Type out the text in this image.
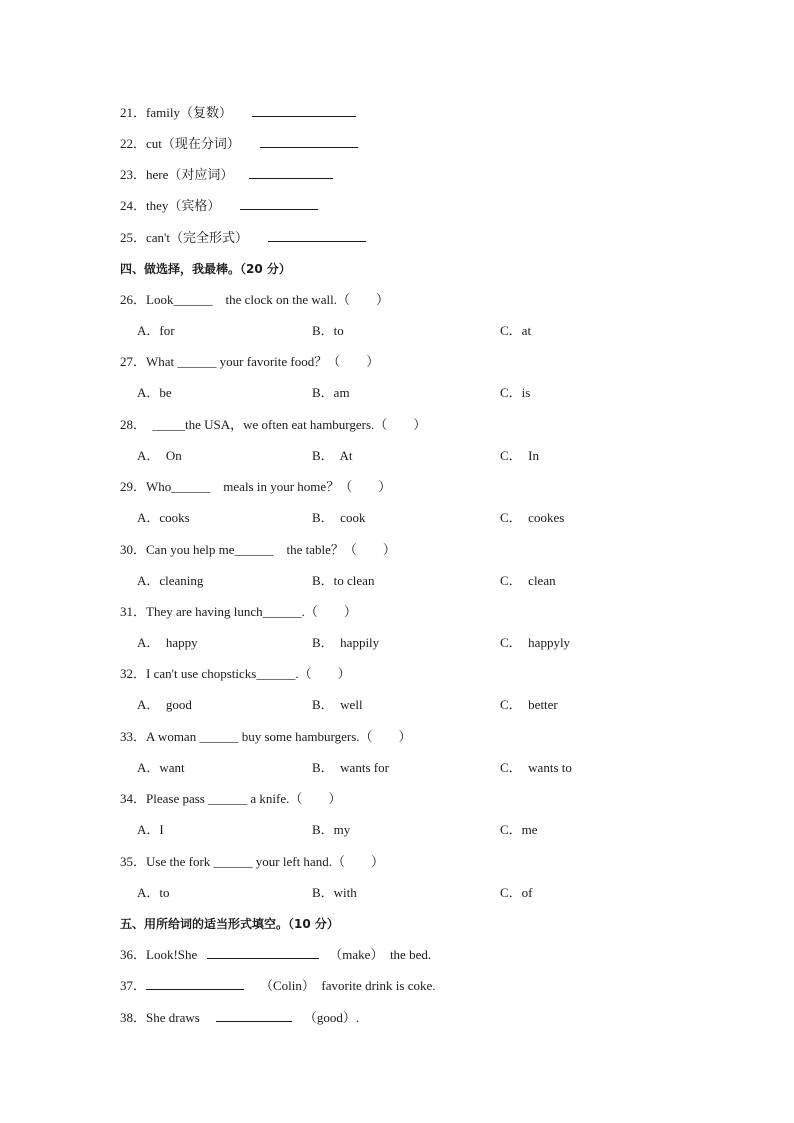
21．family（复数）
22．cut（现在分词）
23．here（对应词）
24．they（宾格）
25．can't（完全形式）
四、做选择，我最棒。（20 分）
26．Look______　the clock on the wall.（　　）
A．for	B．to	C．at
27．What ______ your favorite food？（　　）
A．be	B．am	C．is
28． _____the USA，we often eat hamburgers.（　　）
A．  On	B．  At	C．  In
29．Who______　meals in your home？（　　）
A．cooks	B．  cook	C．  cookes
30．Can you help me______　the table？（　　）
A．cleaning	B．to clean	C．  clean
31．They are having lunch______.（　　）
A．  happy	B．  happily	C．  happyly
32．I can't use chopsticks______.（　　）
A．  good	B．  well	C．  better
33．A woman ______ buy some hamburgers.（　　）
A．want	B．  wants for	C．  wants to
34．Please pass ______ a knife.（　　）
A．I	B．my	C．me
35．Use the fork ______ your left hand.（　　）
A．to	B．with	C．of
五、用所给词的适当形式填空。（10 分）
36．Look!She	（make）  the bed.
37．	（Colin）  favorite drink is coke.
38．She draws	（good）.
